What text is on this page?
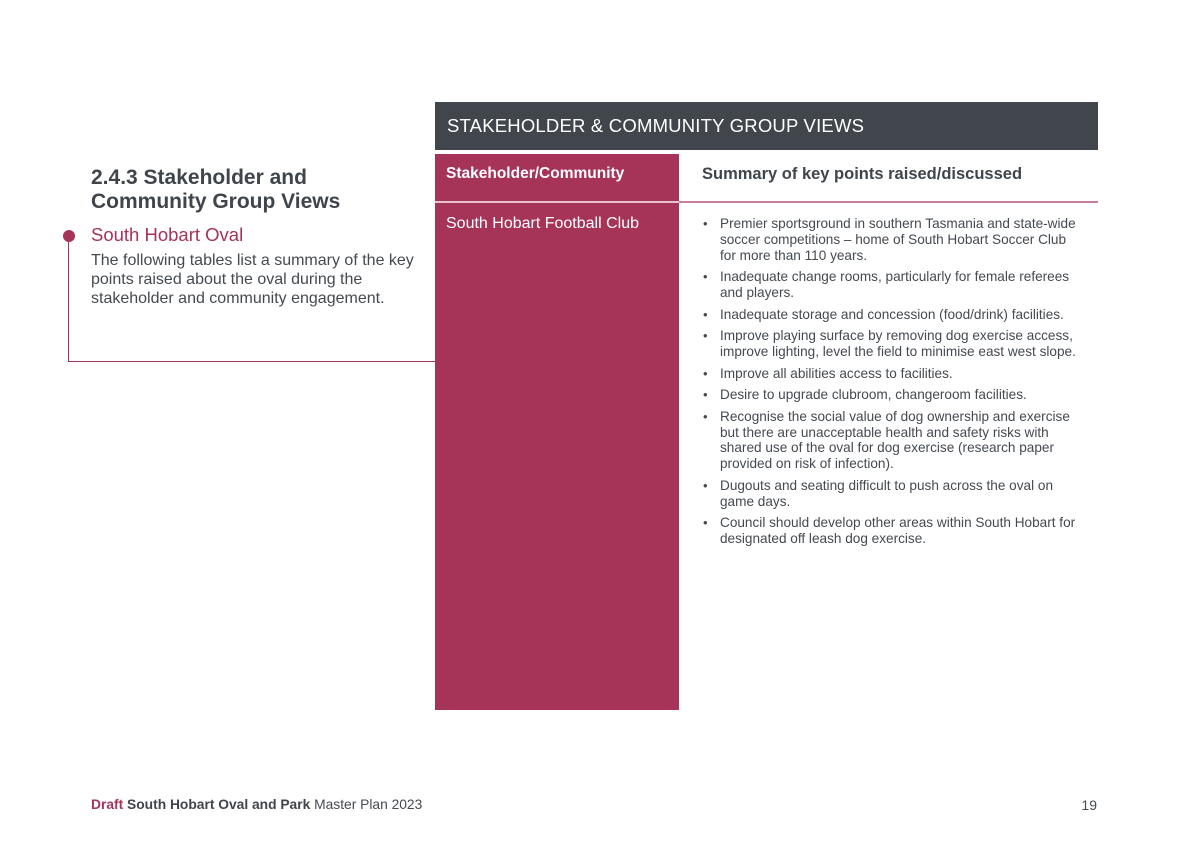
2.4.3 Stakeholder and Community Group Views
South Hobart Oval
The following tables list a summary of the key points raised about the oval during the stakeholder and community engagement.
STAKEHOLDER & COMMUNITY GROUP VIEWS
Stakeholder/Community	Summary of key points raised/discussed
South Hobart Football Club	• Premier sportsground in southern Tasmania and state-wide soccer competitions – home of South Hobart Soccer Club for more than 110 years.
• Inadequate change rooms, particularly for female referees and players.
• Inadequate storage and concession (food/drink) facilities.
• Improve playing surface by removing dog exercise access, improve lighting, level the field to minimise east west slope.
• Improve all abilities access to facilities.
• Desire to upgrade clubroom, changeroom facilities.
• Recognise the social value of dog ownership and exercise but there are unacceptable health and safety risks with shared use of the oval for dog exercise (research paper provided on risk of infection).
• Dugouts and seating difficult to push across the oval on game days.
• Council should develop other areas within South Hobart for designated off leash dog exercise.
Draft South Hobart Oval and Park Master Plan 2023	19
